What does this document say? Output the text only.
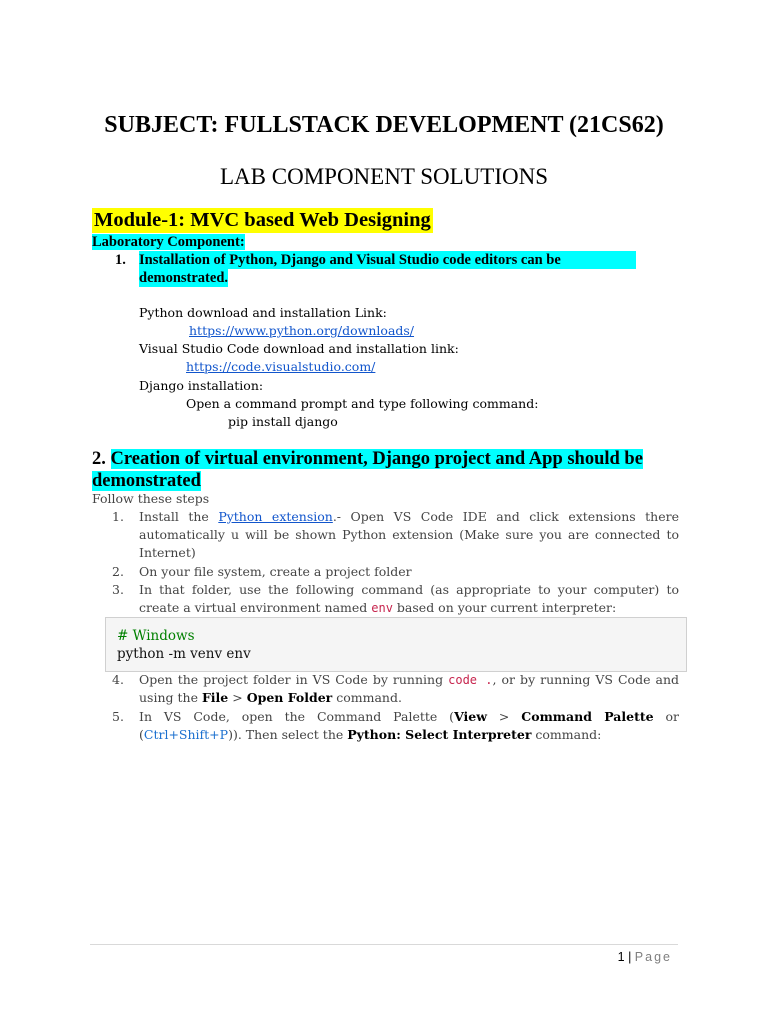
SUBJECT: FULLSTACK DEVELOPMENT (21CS62)
LAB COMPONENT SOLUTIONS
Module-1: MVC based Web Designing
Laboratory Component:
1. Installation of Python, Django and Visual Studio code editors can be
demonstrated.
Python download and installation Link:
https://www.python.org/downloads/
Visual Studio Code download and installation link:
https://code.visualstudio.com/
Django installation:
Open a command prompt and type following command:
pip install django
2. Creation of virtual environment, Django project and App should be demonstrated
Follow these steps
1.	Install the Python extension.- Open VS Code IDE and click extensions there automatically u will be shown Python extension (Make sure you are connected to Internet)
2.	On your file system, create a project folder
3.	In that folder, use the following command (as appropriate to your computer) to create a virtual environment named env based on your current interpreter:
# Windows
python -m venv env
4.	Open the project folder in VS Code by running code ., or by running VS Code and using the File > Open Folder command.
5.	In VS Code, open the Command Palette (View > Command Palette or (Ctrl+Shift+P)). Then select the Python: Select Interpreter command:
1 | Page
